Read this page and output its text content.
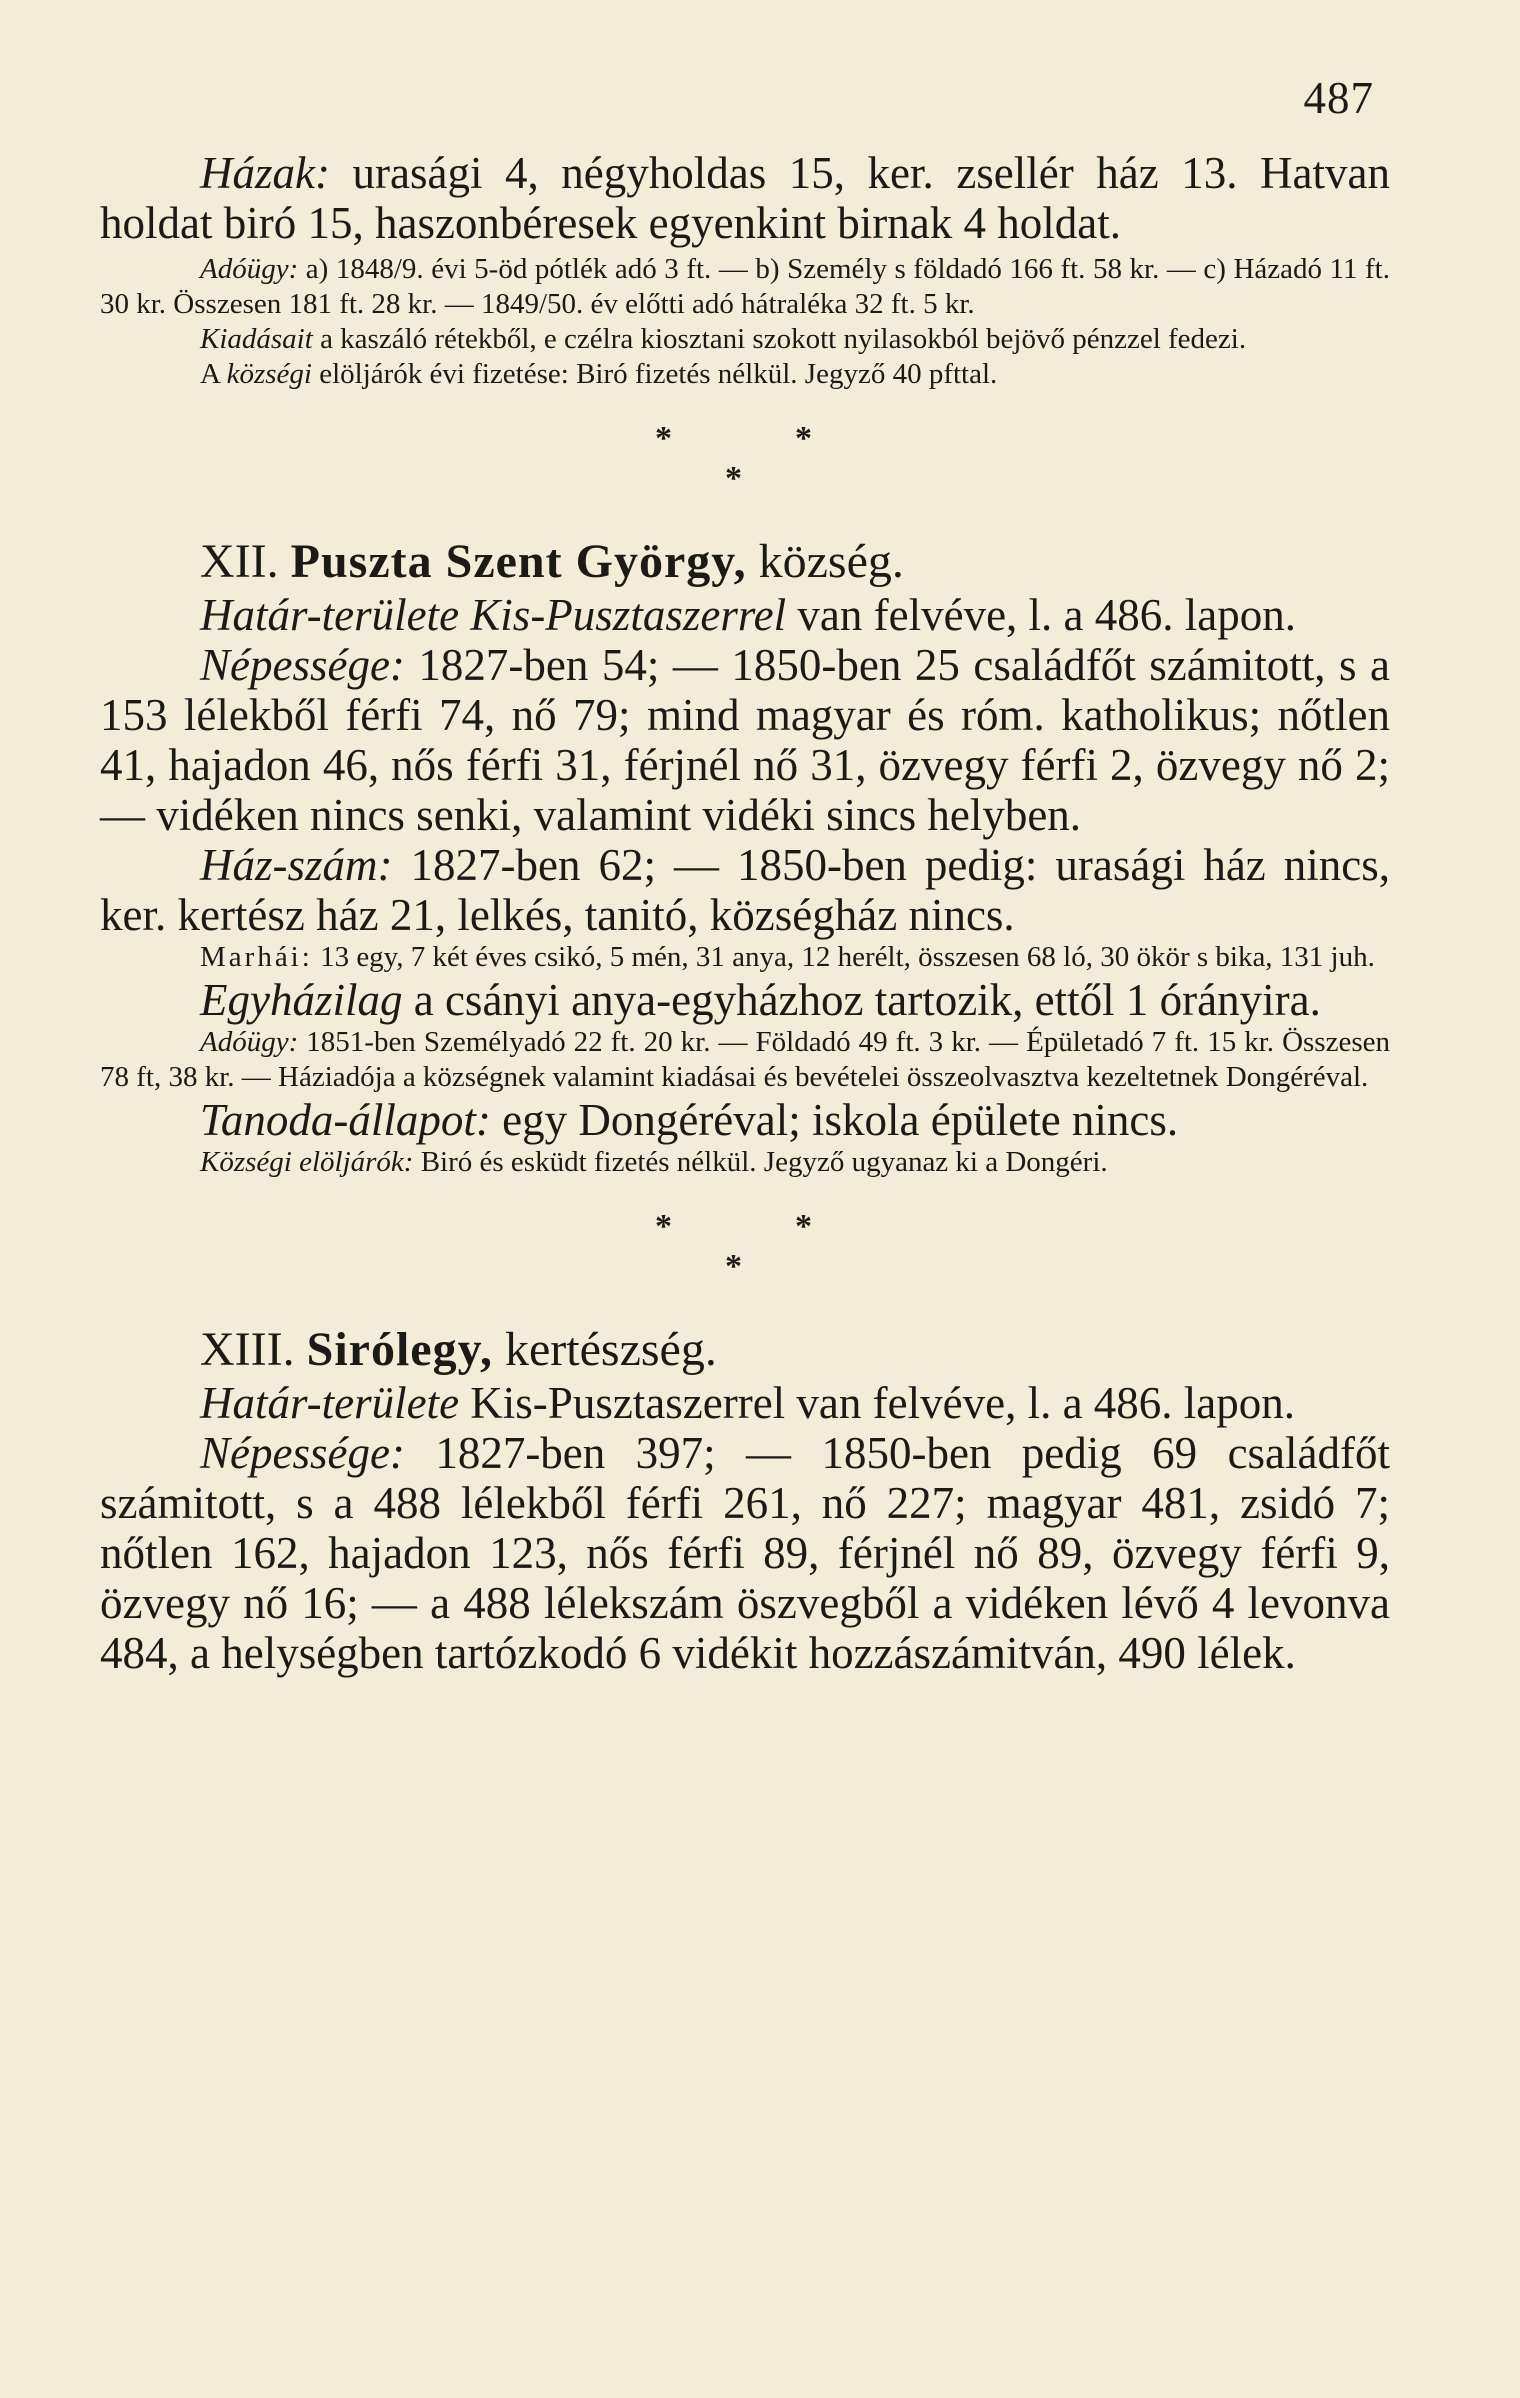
487

Házak: urasági 4, négyholdas 15, ker. zsellér ház 13. Hatvan holdat biró 15, haszonbéresek egyenkint birnak 4 holdat.

Adóügy: a) 1848/9. évi 5-öd pótlék adó 3 ft. — b) Személy s földadó 166 ft. 58 kr. — c) Házadó 11 ft. 30 kr. Összesen 181 ft. 28 kr. — 1849/50. év előtti adó hátraléka 32 ft. 5 kr.

Kiadásait a kaszáló rétekből, e czélra kiosztani szokott nyilasokból bejövő pénzzel fedezi.

A községi elöljárók évi fizetése: Biró fizetés nélkül. Jegyző 40 pfttal.

*	*
*

XII. Puszta Szent György, község.

Határ-területe Kis-Pusztaszerrel van felvéve, l. a 486. lapon.

Népessége: 1827-ben 54; — 1850-ben 25 családfőt számitott, s a 153 lélekből férfi 74, nő 79; mind magyar és róm. katholikus; nőtlen 41, hajadon 46, nős férfi 31, férjnél nő 31, özvegy férfi 2, özvegy nő 2; — vidéken nincs senki, valamint vidéki sincs helyben.

Ház-szám: 1827-ben 62; — 1850-ben pedig: urasági ház nincs, ker. kertész ház 21, lelkés, tanitó, községház nincs.

Marhái: 13 egy, 7 két éves csikó, 5 mén, 31 anya, 12 herélt, összesen 68 ló, 30 ökör s bika, 131 juh.

Egyházilag a csányi anya-egyházhoz tartozik, ettől 1 órányira.

Adóügy: 1851-ben Személyadó 22 ft. 20 kr. — Földadó 49 ft. 3 kr. — Épületadó 7 ft. 15 kr. Összesen 78 ft, 38 kr. — Háziadója a községnek valamint kiadásai és bevételei összeolvasztva kezeltetnek Dongéréval.

Tanoda-állapot: egy Dongéréval; iskola épülete nincs.

Községi elöljárók: Biró és esküdt fizetés nélkül. Jegyző ugyanaz ki a Dongéri.

*	*
*

XIII. Sirólegy, kertészség.

Határ-területe Kis-Pusztaszerrel van felvéve, l. a 486. lapon.

Népessége: 1827-ben 397; — 1850-ben pedig 69 családfőt számitott, s a 488 lélekből férfi 261, nő 227; magyar 481, zsidó 7; nőtlen 162, hajadon 123, nős férfi 89, férjnél nő 89, özvegy férfi 9, özvegy nő 16; — a 488 lélekszám öszvegből a vidéken lévő 4 levonva 484, a helységben tartózkodó 6 vidékit hozzászámitván, 490 lélek.
